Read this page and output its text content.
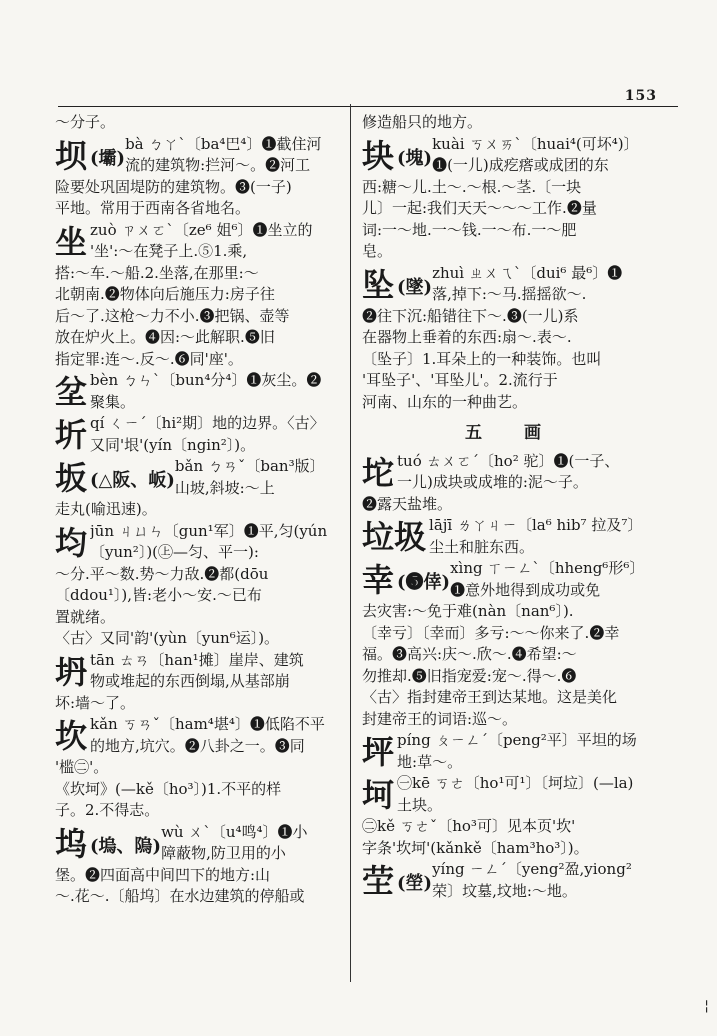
153
～分子。
坝 (壩)
bà ㄅㄚˋ〔ba⁴巴⁴〕❶截住河
流的建筑物:拦河～。❷河工
险要处巩固堤防的建筑物。❸(一子)
平地。常用于西南各省地名。
坐 zuò ㄗㄨㄛˋ〔ze⁶ 姐⁶〕❶坐立的
'坐':～在凳子上.⑤1.乘,
搭:～车.～船.2.坐落,在那里:～
北朝南.❷物体向后施压力:房子往
后～了.这枪～力不小.❸把锅、壶等
放在炉火上。❹因:～此解职.❺旧
指定罪:连～.反～.❻同'座'。
坌 bèn ㄅㄣˋ〔bun⁴分⁴〕❶灰尘。❷
聚集。
圻 qí ㄑㄧˊ〔hi²期〕地的边界。〈古〉
又同'垠'(yín〔ngin²〕)。
坂 (△阪、岅)
bǎn ㄅㄢˇ〔ban³版〕
山坡,斜坡:～上
走丸(喻迅速)。
均 jūn ㄐㄩㄣ〔gun¹军〕❶平,匀(yún
〔yun²〕)(㊤—匀、平一):
～分.平～数.势～力敌.❷都(dōu
〔ddou¹〕),皆:老小～安.～已布
置就绪。
〈古〉又同'韵'(yùn〔yun⁶运〕)。
坍 tān ㄊㄢ〔han¹摊〕崖岸、建筑
物或堆起的东西倒塌,从基部崩
坏:墙～了。
坎 kǎn ㄎㄢˇ〔ham⁴堪⁴〕❶低陷不平
的地方,坑穴。❷八卦之一。❸同
'槛㊁'。
《坎坷》(—kě〔ho³〕)1.不平的样
子。2.不得志。
坞 (塢、隖)
wù ㄨˋ〔u⁴鸣⁴〕❶小
障蔽物,防卫用的小
堡。❷四面高中间凹下的地方:山
～.花～.〔船坞〕在水边建筑的停船或
修造船只的地方。
块 (塊)
kuài ㄎㄨㄞˋ〔huai⁴(可坏⁴)〕
❶(一儿)成疙瘩或成团的东
西:糖～儿.土～.～根.～茎.〔一块
儿〕一起:我们天天～～～工作.❷量
词:一～地.一～钱.一～布.一～肥
皂。
坠 (墜)
zhuì ㄓㄨㄟˋ〔dui⁶ 最⁶〕❶
落,掉下:～马.摇摇欲～.
❷往下沉:船错往下～.❸(一儿)系
在器物上垂着的东西:扇～.表～.
〔坠子〕1.耳朵上的一种装饰。也叫
'耳坠子'、'耳坠儿'。2.流行于
河南、山东的一种曲艺。
五 画
坨 tuó ㄊㄨㄛˊ〔ho² 驼〕❶(一子、
一儿)成块或成堆的:泥～子。
❷露天盐堆。
垃圾 lājī ㄌㄚㄐㄧ〔la⁶ hib⁷ 拉及⁷〕
尘土和脏东西。
幸 (❺倖)
xìng ㄒㄧㄥˋ〔hheng⁶形⁶〕
❶意外地得到成功或免
去灾害:～免于难(nàn〔nan⁶〕).
〔幸亏〕〔幸而〕多亏:～～你来了.❷幸
福。❸高兴:庆～.欣～.❹希望:～
勿推却.❺旧指宠爱:宠～.得～.❻
〈古〉指封建帝王到达某地。这是美化
封建帝王的词语:巡～。
坪 píng ㄆㄧㄥˊ〔peng²平〕平坦的场
地:草～。
坷 ㊀kē ㄎㄜ〔ho¹可¹〕〔坷垃〕(—la)
土块。
㊁kě ㄎㄜˇ〔ho³可〕见本页'坎'
字条'坎坷'(kǎnkě〔ham³ho³〕)。
茔 (塋)
yíng ㄧㄥˊ〔yeng²盈,yiong²
荣〕坟墓,坟地:～地。
¦
